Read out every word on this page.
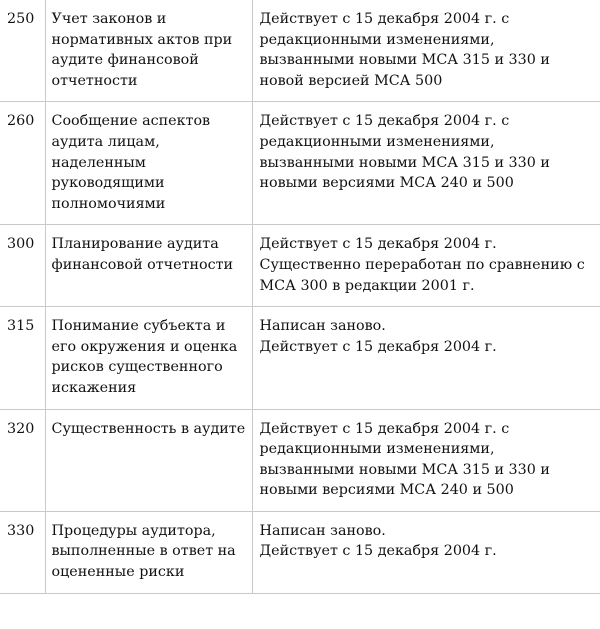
250	Учет законов и
нормативных актов при
аудите финансовой
отчетности	Действует с 15 декабря 2004 г. с
редакционными изменениями,
вызванными новыми МСА 315 и 330 и
новой версией МСА 500

260	Сообщение аспектов
аудита лицам,
наделенным
руководящими
полномочиями	Действует с 15 декабря 2004 г. с
редакционными изменениями,
вызванными новыми МСА 315 и 330 и
новыми версиями МСА 240 и 500

300	Планирование аудита
финансовой отчетности	Действует с 15 декабря 2004 г.
Существенно переработан по сравнению с
МСА 300 в редакции 2001 г.

315	Понимание субъекта и
его окружения и оценка
рисков существенного
искажения	Написан заново.
Действует с 15 декабря 2004 г.

320	Существенность в аудите	Действует с 15 декабря 2004 г. с
редакционными изменениями,
вызванными новыми МСА 315 и 330 и
новыми версиями МСА 240 и 500

330	Процедуры аудитора,
выполненные в ответ на
оцененные риски	Написан заново.
Действует с 15 декабря 2004 г.
